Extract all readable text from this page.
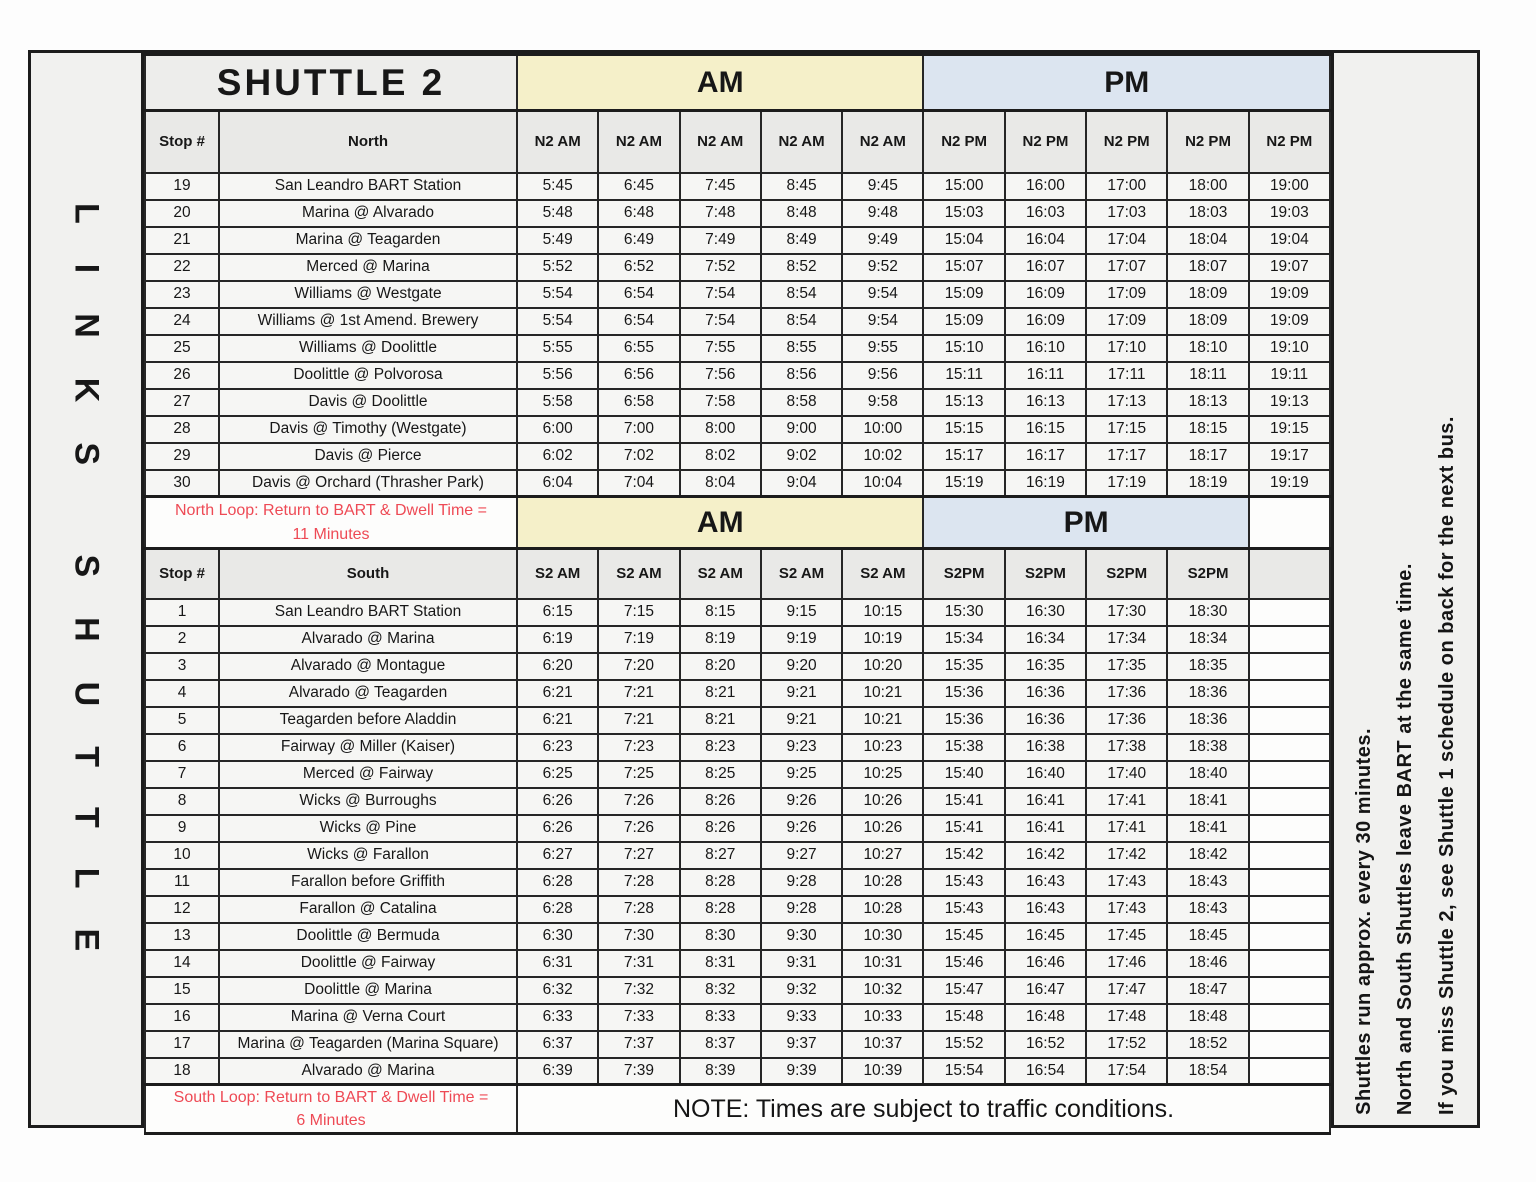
LINKS SHUTTLE
SHUTTLE 2		AM					PM				
Stop #	North	N2 AM	N2 AM	N2 AM	N2 AM	N2 AM	N2 PM	N2 PM	N2 PM	N2 PM	N2 PM
19	San Leandro BART Station	5:45	6:45	7:45	8:45	9:45	15:00	16:00	17:00	18:00	19:00
20	Marina @ Alvarado	5:48	6:48	7:48	8:48	9:48	15:03	16:03	17:03	18:03	19:03
21	Marina @ Teagarden	5:49	6:49	7:49	8:49	9:49	15:04	16:04	17:04	18:04	19:04
22	Merced @ Marina	5:52	6:52	7:52	8:52	9:52	15:07	16:07	17:07	18:07	19:07
23	Williams @ Westgate	5:54	6:54	7:54	8:54	9:54	15:09	16:09	17:09	18:09	19:09
24	Williams @ 1st Amend. Brewery	5:54	6:54	7:54	8:54	9:54	15:09	16:09	17:09	18:09	19:09
25	Williams @ Doolittle	5:55	6:55	7:55	8:55	9:55	15:10	16:10	17:10	18:10	19:10
26	Doolittle @ Polvorosa	5:56	6:56	7:56	8:56	9:56	15:11	16:11	17:11	18:11	19:11
27	Davis @ Doolittle	5:58	6:58	7:58	8:58	9:58	15:13	16:13	17:13	18:13	19:13
28	Davis @ Timothy (Westgate)	6:00	7:00	8:00	9:00	10:00	15:15	16:15	17:15	18:15	19:15
29	Davis @ Pierce	6:02	7:02	8:02	9:02	10:02	15:17	16:17	17:17	18:17	19:17
30	Davis @ Orchard (Thrasher Park)	6:04	7:04	8:04	9:04	10:04	15:19	16:19	17:19	18:19	19:19

North Loop: Return to BART & Dwell Time =
11 Minutes		AM					PM				
Stop #	South	S2 AM	S2 AM	S2 AM	S2 AM	S2 AM	S2PM	S2PM	S2PM	S2PM	
1	San Leandro BART Station	6:15	7:15	8:15	9:15	10:15	15:30	16:30	17:30	18:30	
2	Alvarado @ Marina	6:19	7:19	8:19	9:19	10:19	15:34	16:34	17:34	18:34	
3	Alvarado @ Montague	6:20	7:20	8:20	9:20	10:20	15:35	16:35	17:35	18:35	
4	Alvarado @ Teagarden	6:21	7:21	8:21	9:21	10:21	15:36	16:36	17:36	18:36	
5	Teagarden before Aladdin	6:21	7:21	8:21	9:21	10:21	15:36	16:36	17:36	18:36	
6	Fairway @ Miller (Kaiser)	6:23	7:23	8:23	9:23	10:23	15:38	16:38	17:38	18:38	
7	Merced @ Fairway	6:25	7:25	8:25	9:25	10:25	15:40	16:40	17:40	18:40	
8	Wicks @ Burroughs	6:26	7:26	8:26	9:26	10:26	15:41	16:41	17:41	18:41	
9	Wicks @ Pine	6:26	7:26	8:26	9:26	10:26	15:41	16:41	17:41	18:41	
10	Wicks @ Farallon	6:27	7:27	8:27	9:27	10:27	15:42	16:42	17:42	18:42	
11	Farallon before Griffith	6:28	7:28	8:28	9:28	10:28	15:43	16:43	17:43	18:43	
12	Farallon @ Catalina	6:28	7:28	8:28	9:28	10:28	15:43	16:43	17:43	18:43	
13	Doolittle @ Bermuda	6:30	7:30	8:30	9:30	10:30	15:45	16:45	17:45	18:45	
14	Doolittle @ Fairway	6:31	7:31	8:31	9:31	10:31	15:46	16:46	17:46	18:46	
15	Doolittle @ Marina	6:32	7:32	8:32	9:32	10:32	15:47	16:47	17:47	18:47	
16	Marina @ Verna Court	6:33	7:33	8:33	9:33	10:33	15:48	16:48	17:48	18:48	
17	Marina @ Teagarden (Marina Square)	6:37	7:37	8:37	9:37	10:37	15:52	16:52	17:52	18:52	
18	Alvarado @ Marina	6:39	7:39	8:39	9:39	10:39	15:54	16:54	17:54	18:54	

South Loop: Return to BART & Dwell Time =
6 Minutes		NOTE: Times are subject to traffic conditions.										Shuttles run approx. every 30 minutes. North and South Shuttles leave BART at the same time. If you miss Shuttle 2, see Shuttle 1 schedule on back for the next bus.
